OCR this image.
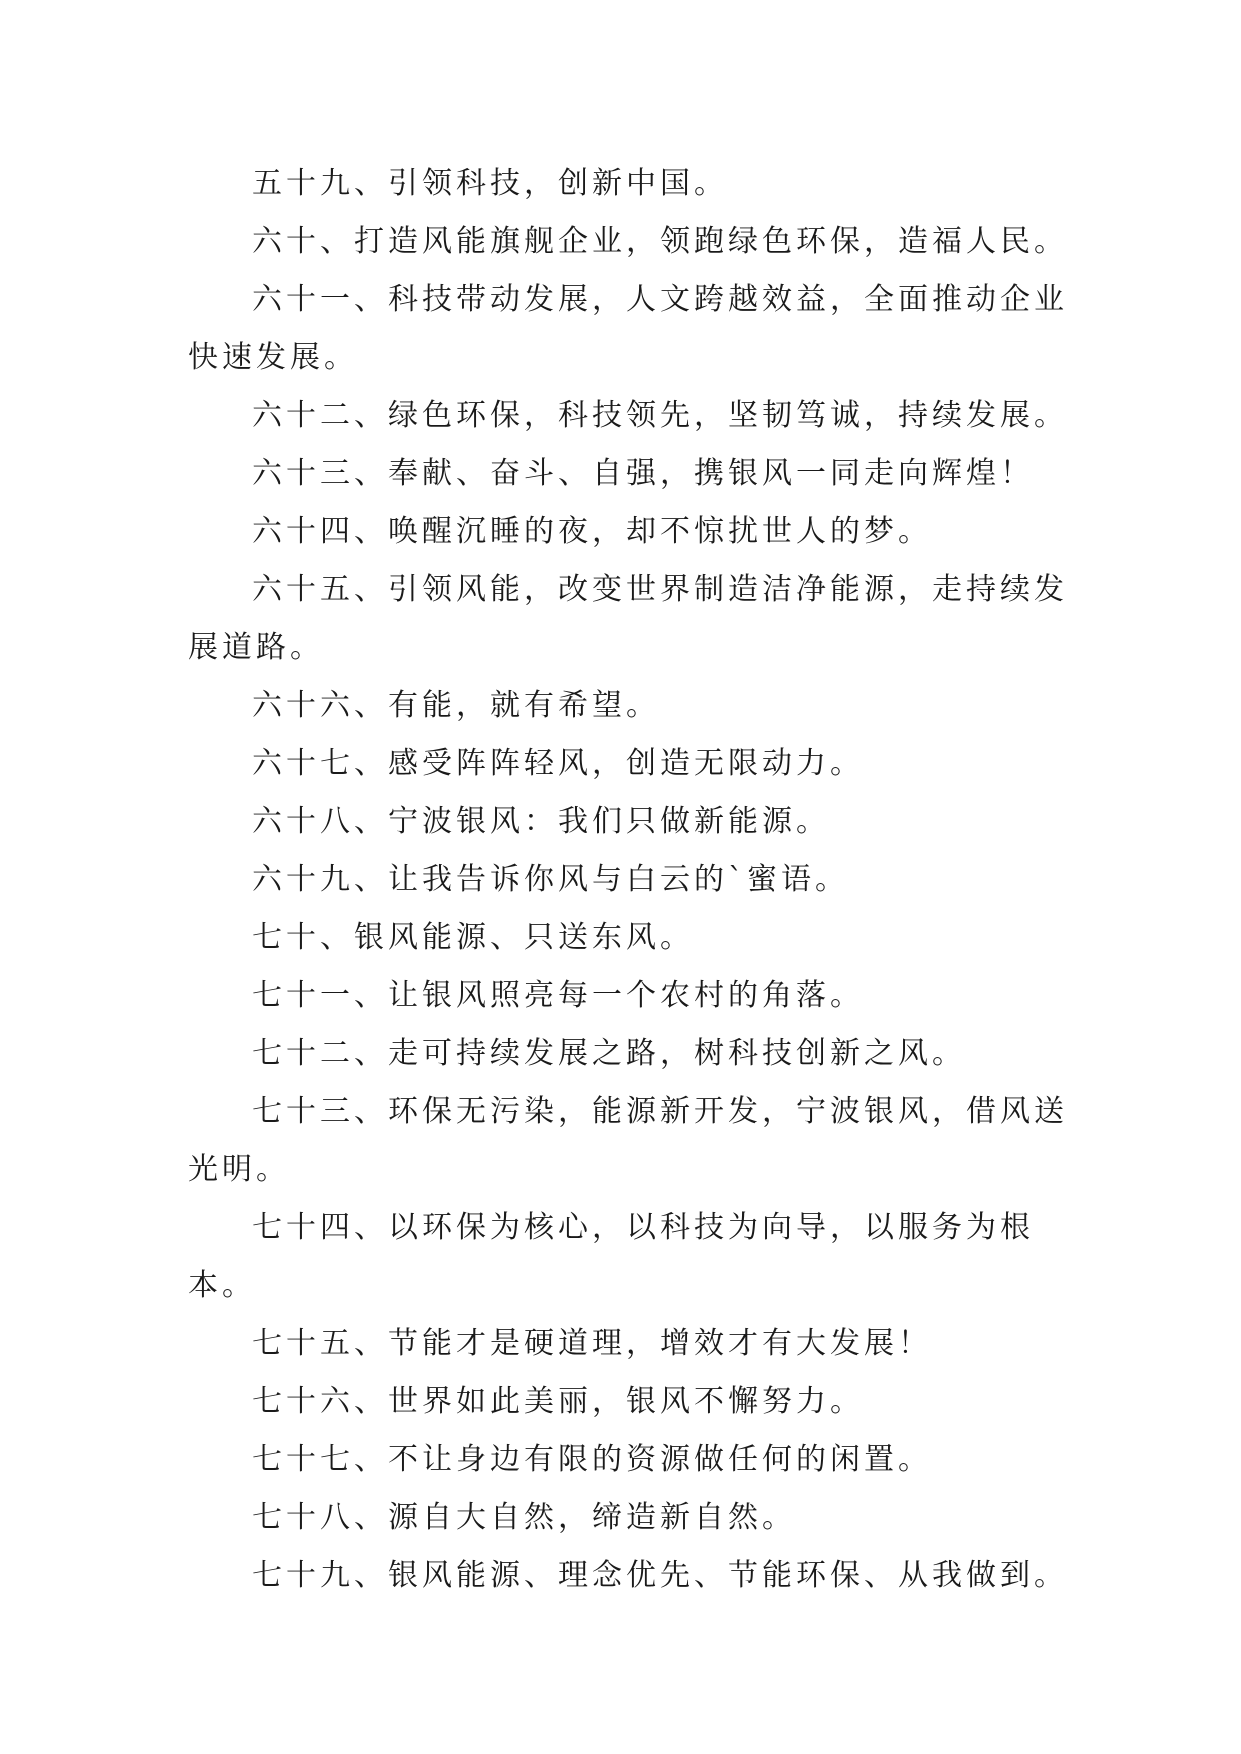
五十九、引领科技，创新中国。

六十、打造风能旗舰企业，领跑绿色环保，造福人民。

六十一、科技带动发展，人文跨越效益，全面推动企业快速发展。

六十二、绿色环保，科技领先，坚韧笃诚，持续发展。

六十三、奉献、奋斗、自强，携银风一同走向辉煌！

六十四、唤醒沉睡的夜，却不惊扰世人的梦。

六十五、引领风能，改变世界制造洁净能源，走持续发展道路。

六十六、有能，就有希望。

六十七、感受阵阵轻风，创造无限动力。

六十八、宁波银风：我们只做新能源。

六十九、让我告诉你风与白云的`蜜语。

七十、银风能源、只送东风。

七十一、让银风照亮每一个农村的角落。

七十二、走可持续发展之路，树科技创新之风。

七十三、环保无污染，能源新开发，宁波银风，借风送光明。

七十四、以环保为核心，以科技为向导，以服务为根本。

七十五、节能才是硬道理，增效才有大发展！

七十六、世界如此美丽，银风不懈努力。

七十七、不让身边有限的资源做任何的闲置。

七十八、源自大自然，缔造新自然。

七十九、银风能源、理念优先、节能环保、从我做到。
